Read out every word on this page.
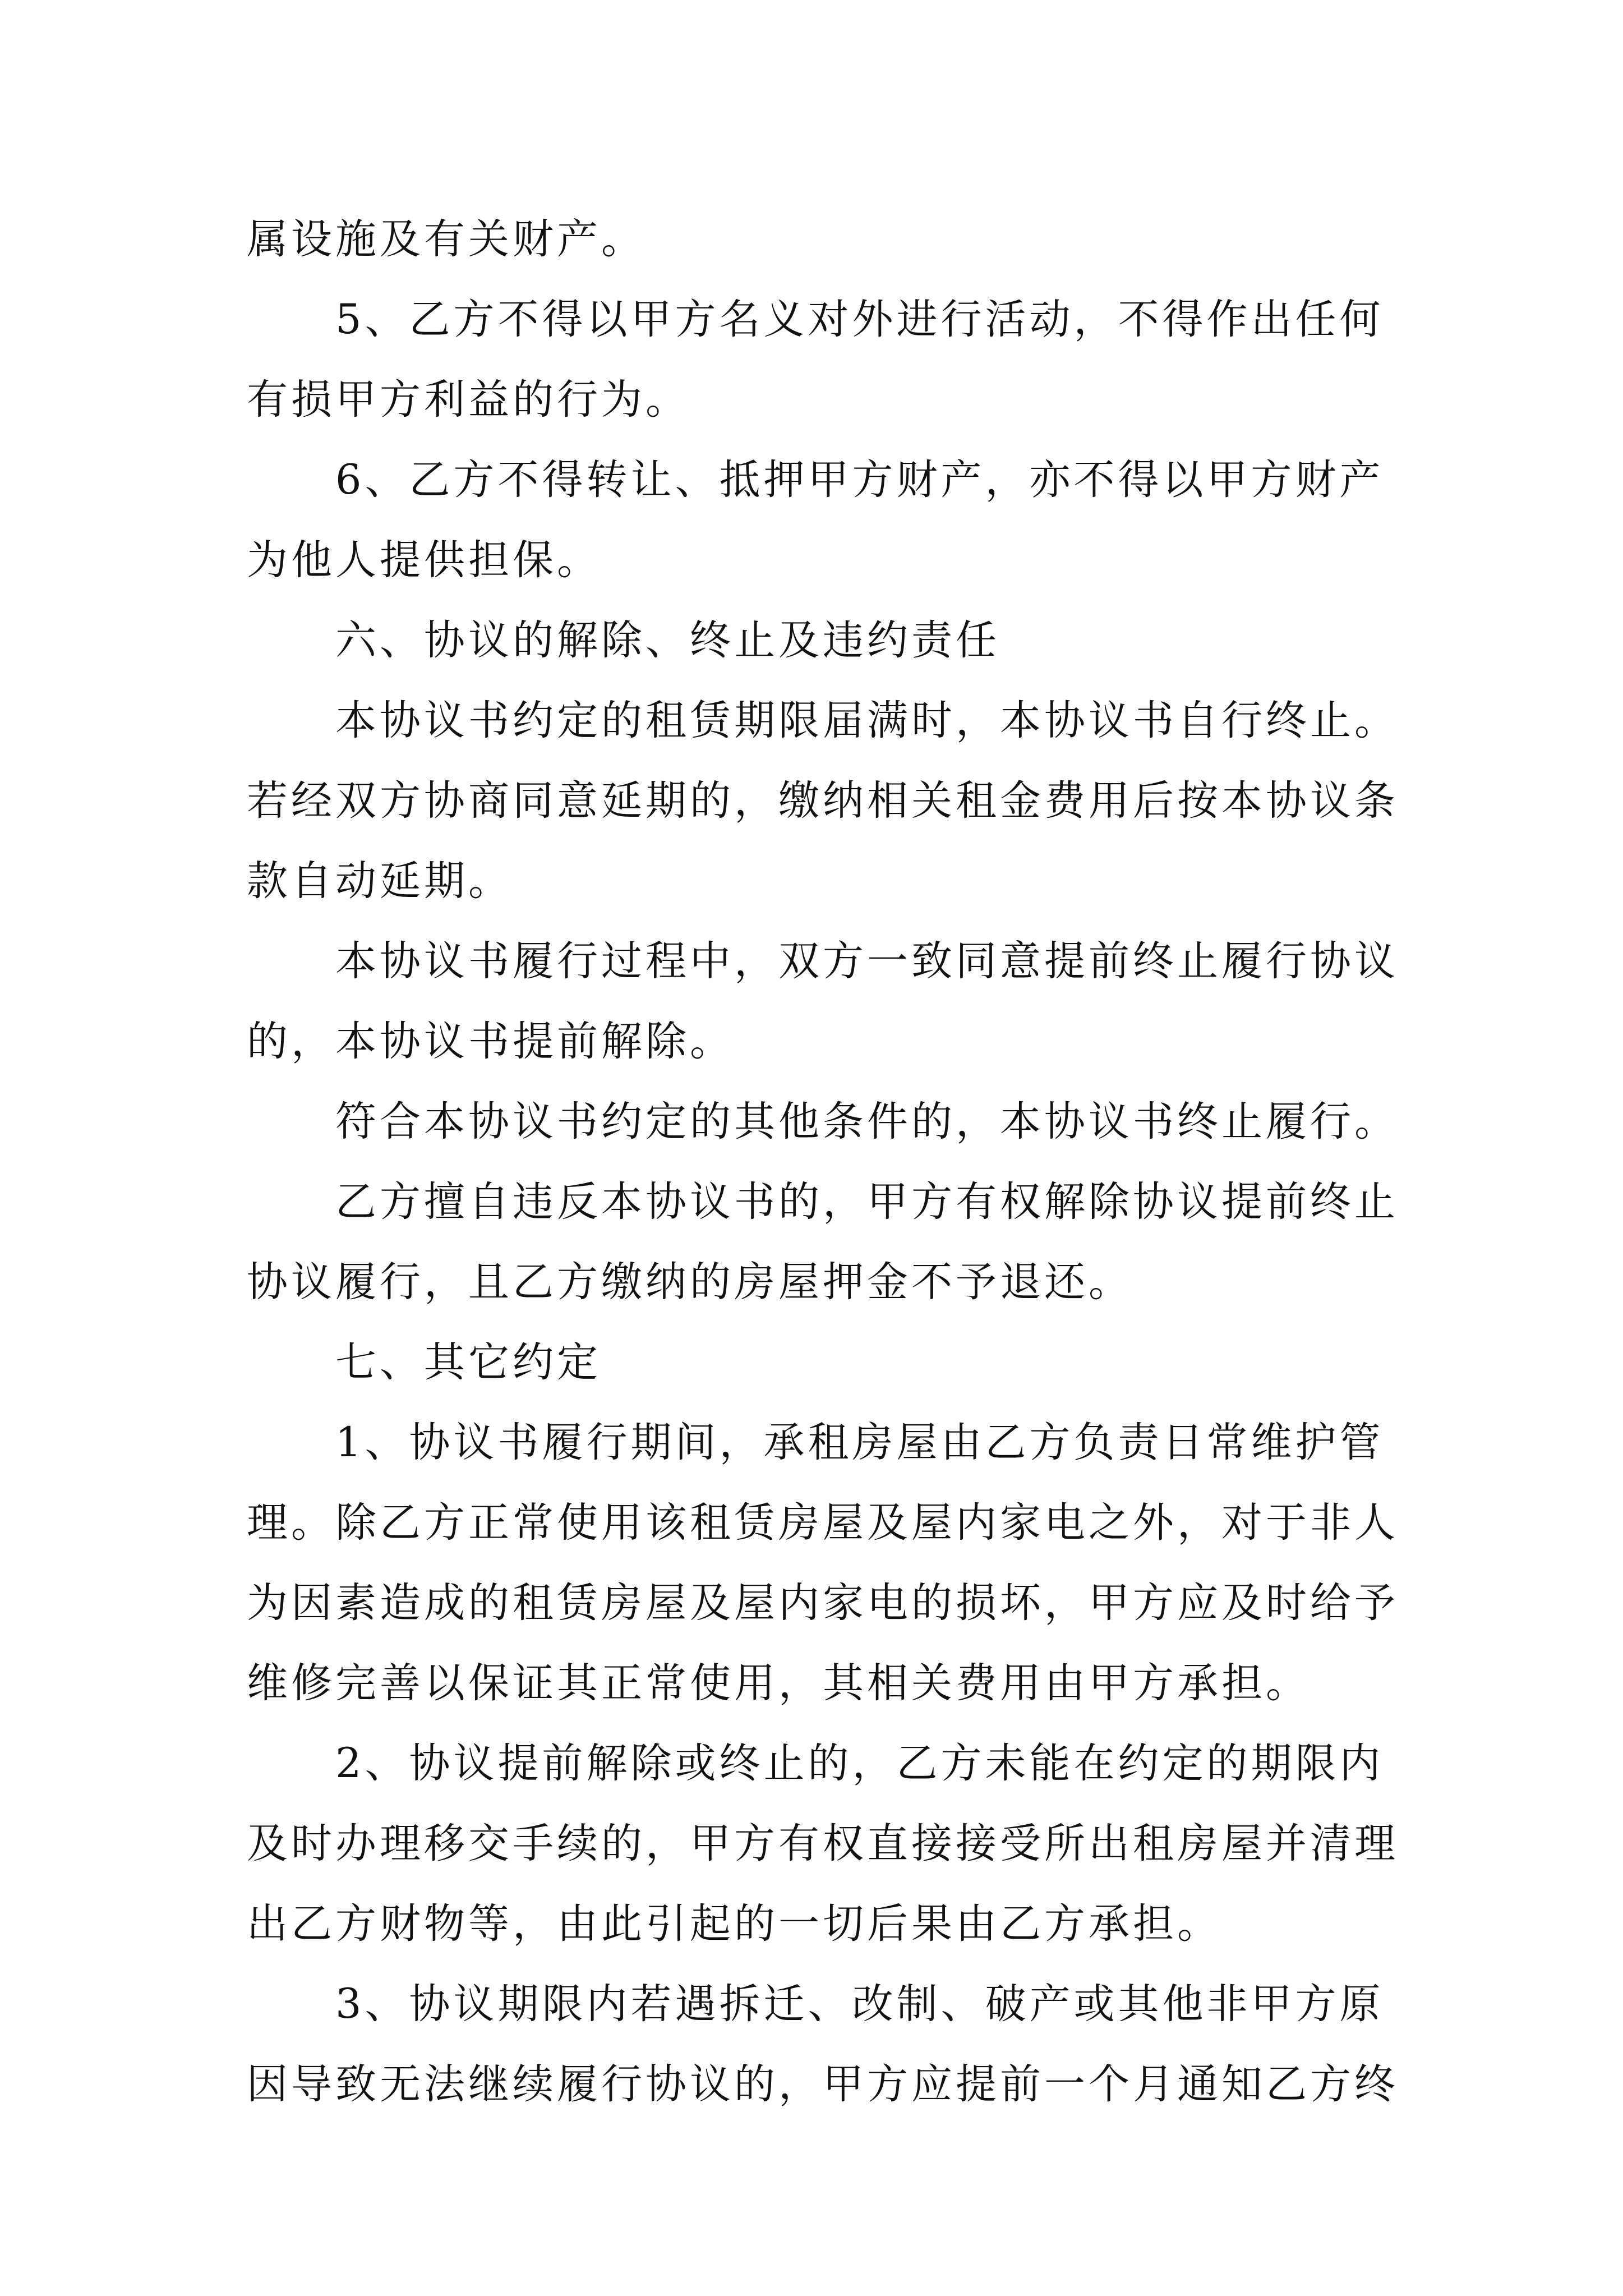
属设施及有关财产。
5、乙方不得以甲方名义对外进行活动，不得作出任何
有损甲方利益的行为。
6、乙方不得转让、抵押甲方财产，亦不得以甲方财产
为他人提供担保。
六、协议的解除、终止及违约责任
本协议书约定的租赁期限届满时，本协议书自行终止。
若经双方协商同意延期的，缴纳相关租金费用后按本协议条
款自动延期。
本协议书履行过程中，双方一致同意提前终止履行协议
的，本协议书提前解除。
符合本协议书约定的其他条件的，本协议书终止履行。
乙方擅自违反本协议书的，甲方有权解除协议提前终止
协议履行，且乙方缴纳的房屋押金不予退还。
七、其它约定
1、协议书履行期间，承租房屋由乙方负责日常维护管
理。除乙方正常使用该租赁房屋及屋内家电之外，对于非人
为因素造成的租赁房屋及屋内家电的损坏，甲方应及时给予
维修完善以保证其正常使用，其相关费用由甲方承担。
2、协议提前解除或终止的，乙方未能在约定的期限内
及时办理移交手续的，甲方有权直接接受所出租房屋并清理
出乙方财物等，由此引起的一切后果由乙方承担。
3、协议期限内若遇拆迁、改制、破产或其他非甲方原
因导致无法继续履行协议的，甲方应提前一个月通知乙方终
